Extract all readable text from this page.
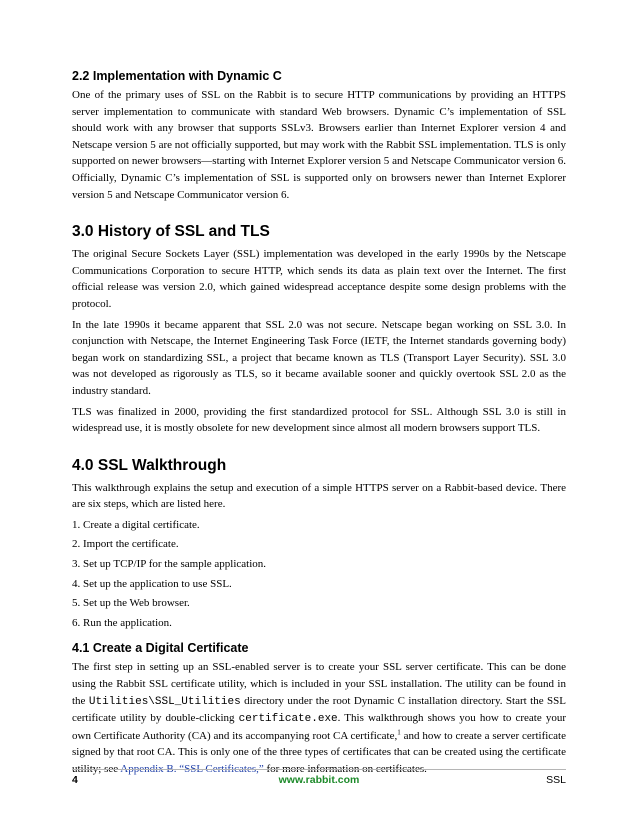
2.2 Implementation with Dynamic C

One of the primary uses of SSL on the Rabbit is to secure HTTP communications by providing an HTTPS server implementation to communicate with standard Web browsers. Dynamic C’s implementation of SSL should work with any browser that supports SSLv3. Browsers earlier than Internet Explorer version 4 and Netscape version 5 are not officially supported, but may work with the Rabbit SSL implementation. TLS is only supported on newer browsers—starting with Internet Explorer version 5 and Netscape Communicator version 6. Officially, Dynamic C’s implementation of SSL is supported only on browsers newer than Internet Explorer version 5 and Netscape Communicator version 6.

3.0 History of SSL and TLS

The original Secure Sockets Layer (SSL) implementation was developed in the early 1990s by the Netscape Communications Corporation to secure HTTP, which sends its data as plain text over the Internet. The first official release was version 2.0, which gained widespread acceptance despite some design problems with the protocol.

In the late 1990s it became apparent that SSL 2.0 was not secure. Netscape began working on SSL 3.0. In conjunction with Netscape, the Internet Engineering Task Force (IETF, the Internet standards governing body) began work on standardizing SSL, a project that became known as TLS (Transport Layer Security). SSL 3.0 was not developed as rigorously as TLS, so it became available sooner and quickly overtook SSL 2.0 as the industry standard.

TLS was finalized in 2000, providing the first standardized protocol for SSL. Although SSL 3.0 is still in widespread use, it is mostly obsolete for new development since almost all modern browsers support TLS.

4.0 SSL Walkthrough

This walkthrough explains the setup and execution of a simple HTTPS server on a Rabbit-based device. There are six steps, which are listed here.

1. Create a digital certificate.
2. Import the certificate.
3. Set up TCP/IP for the sample application.
4. Set up the application to use SSL.
5. Set up the Web browser.
6. Run the application.
4.1 Create a Digital Certificate

The first step in setting up an SSL-enabled server is to create your SSL server certificate. This can be done using the Rabbit SSL certificate utility, which is included in your SSL installation. The utility can be found in the Utilities\SSL_Utilities directory under the root Dynamic C installation directory. Start the SSL certificate utility by double-clicking certificate.exe. This walkthrough shows you how to create your own Certificate Authority (CA) and its accompanying root CA certificate,$^1$ and how to create a server certificate signed by that root CA. This is only one of the three types of certificates that can be created using the certificate utility; see Appendix B. “SSL Certificates,” for more information on certificates.

4	www.rabbit.com	SSL
